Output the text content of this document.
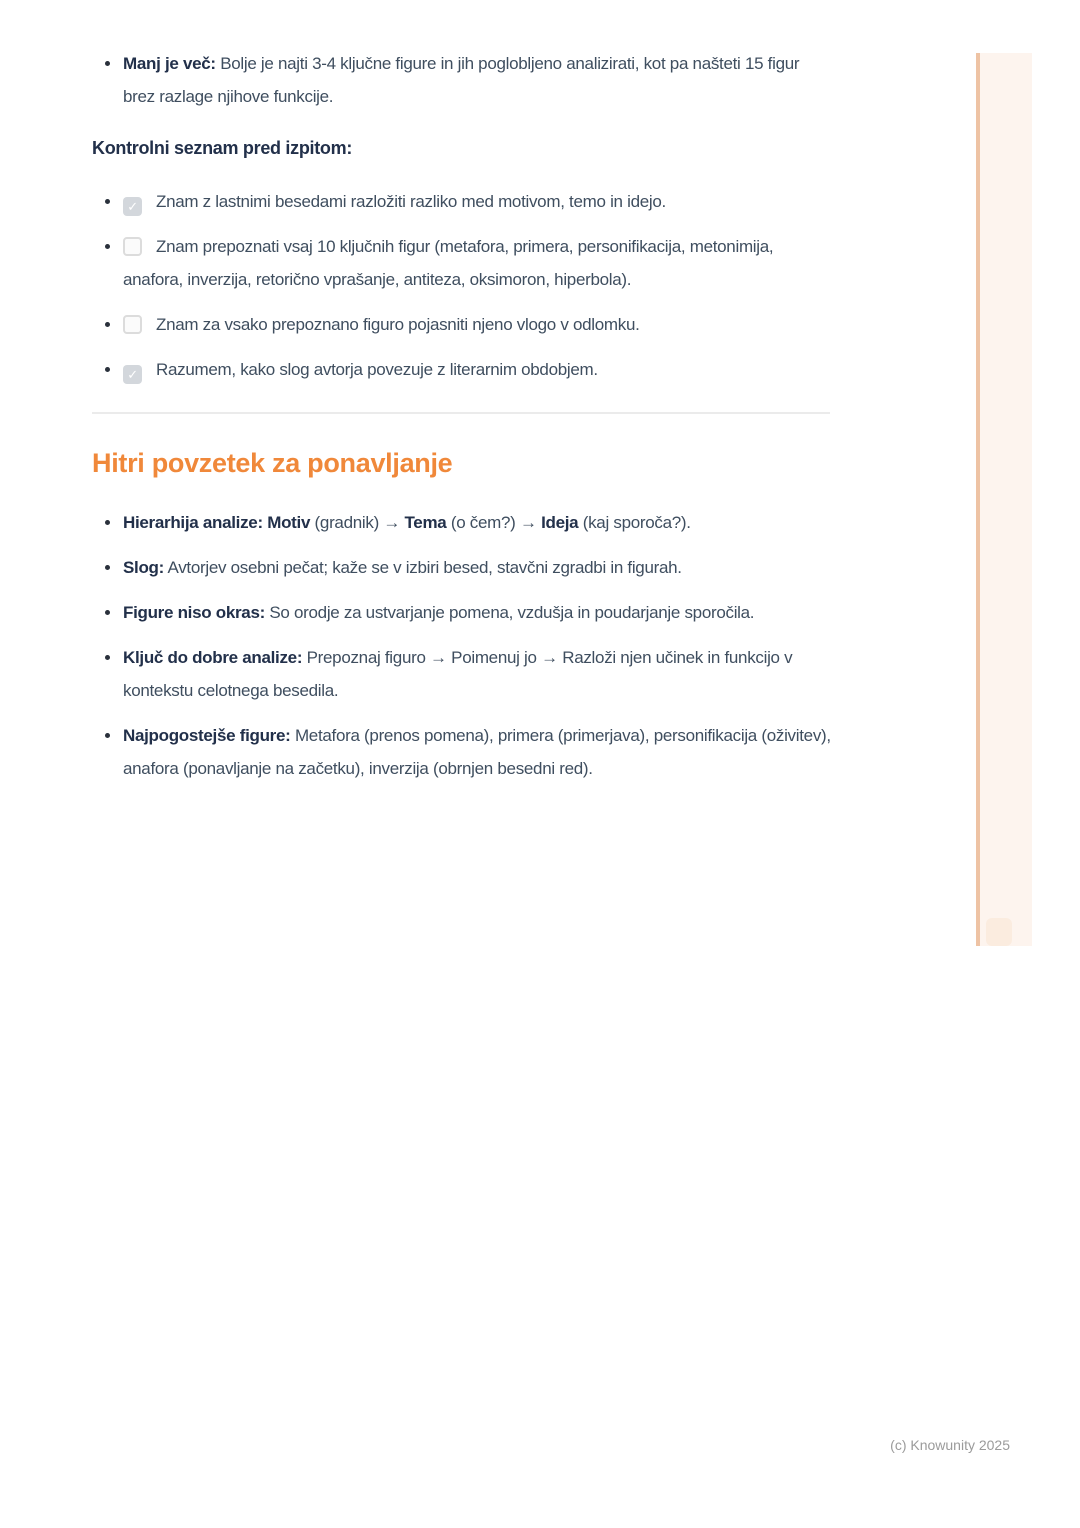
Manj je več: Bolje je najti 3-4 ključne figure in jih poglobljeno analizirati, kot pa našteti 15 figur brez razlage njihove funkcije.
Kontrolni seznam pred izpitom:
✓ Znam z lastnimi besedami razložiti razliko med motivom, temo in idejo.
Znam prepoznati vsaj 10 ključnih figur (metafora, primera, personifikacija, metonimija, anafora, inverzija, retorično vprašanje, antiteza, oksimoron, hiperbola).
Znam za vsako prepoznano figuro pojasniti njeno vlogo v odlomku.
✓ Razumem, kako slog avtorja povezuje z literarnim obdobjem.
Hitri povzetek za ponavljanje
Hierarhija analize: Motiv (gradnik) → Tema (o čem?) → Ideja (kaj sporoča?).
Slog: Avtorjev osebni pečat; kaže se v izbiri besed, stavčni zgradbi in figurah.
Figure niso okras: So orodje za ustvarjanje pomena, vzdušja in poudarjanje sporočila.
Ključ do dobre analize: Prepoznaj figuro → Poimenuj jo → Razloži njen učinek in funkcijo v kontekstu celotnega besedila.
Najpogostejše figure: Metafora (prenos pomena), primera (primerjava), personifikacija (oživitev), anafora (ponavljanje na začetku), inverzija (obrnjen besedni red).
(c) Knowunity 2025
